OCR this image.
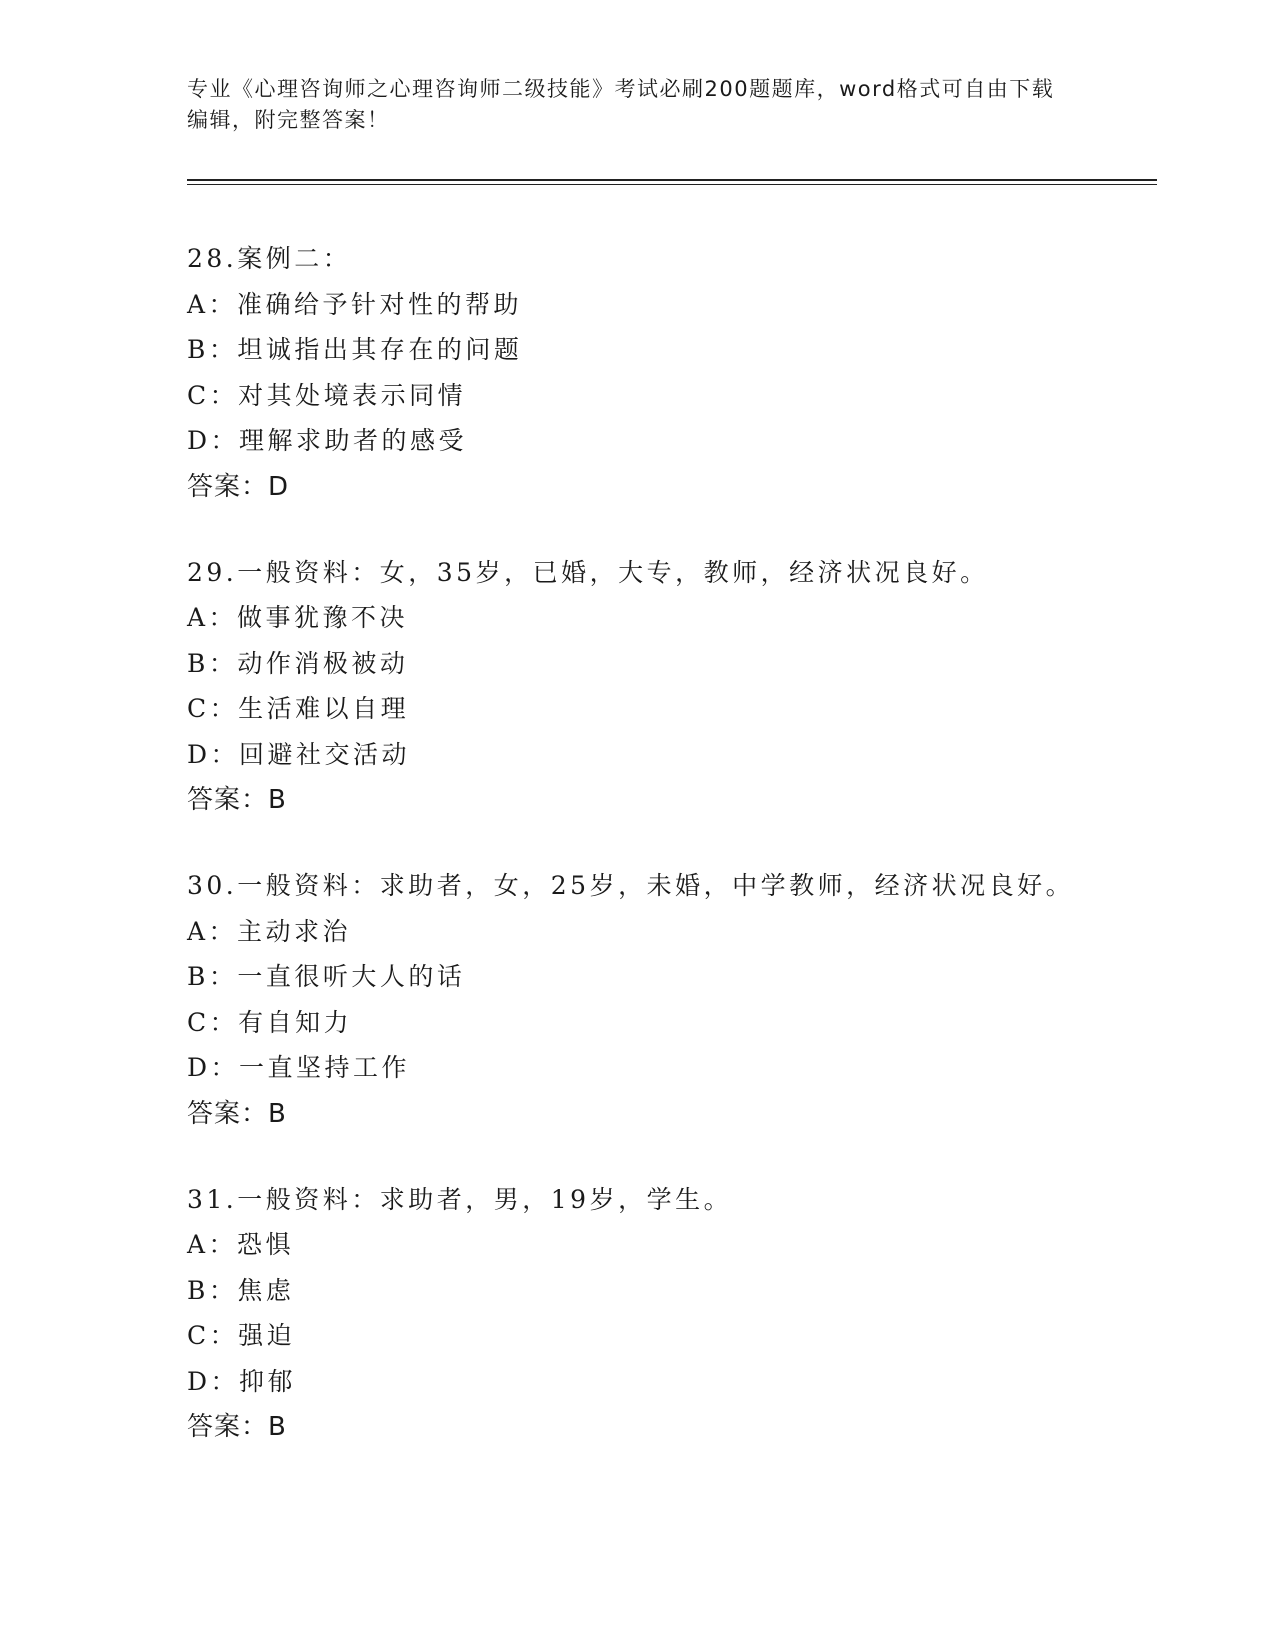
专业《心理咨询师之心理咨询师二级技能》考试必刷200题题库，word格式可自由下载编辑，附完整答案！
28.案例二：
A：准确给予针对性的帮助
B：坦诚指出其存在的问题
C：对其处境表示同情
D：理解求助者的感受
答案：D
29.一般资料：女，35岁，已婚，大专，教师，经济状况良好。
A：做事犹豫不决
B：动作消极被动
C：生活难以自理
D：回避社交活动
答案：B
30.一般资料：求助者，女，25岁，未婚，中学教师，经济状况良好。
A：主动求治
B：一直很听大人的话
C：有自知力
D：一直坚持工作
答案：B
31.一般资料：求助者，男，19岁，学生。
A：恐惧
B：焦虑
C：强迫
D：抑郁
答案：B
